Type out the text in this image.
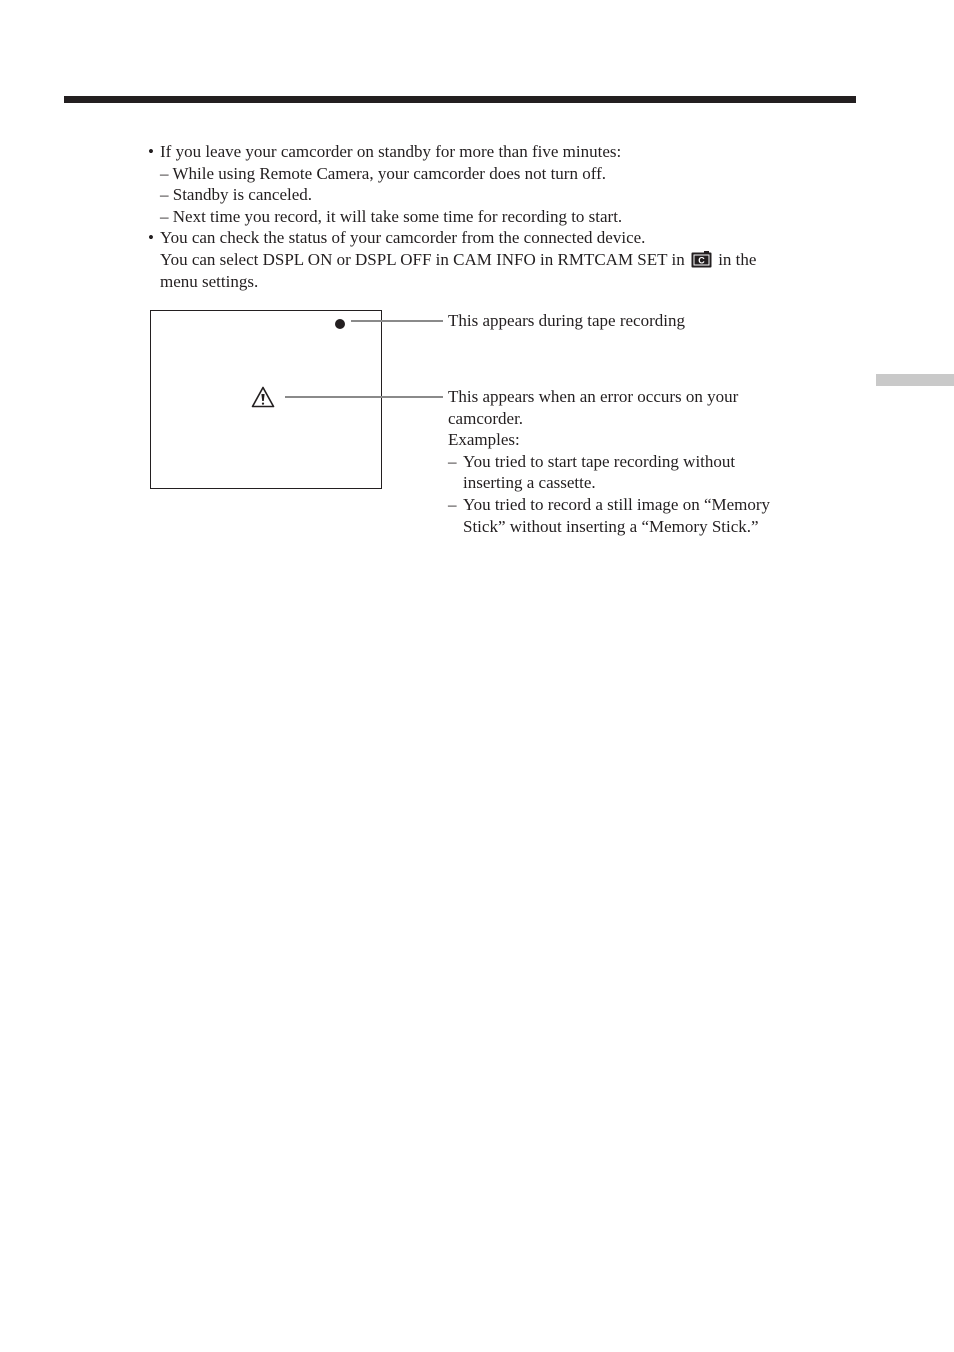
• If you leave your camcorder on standby for more than five minutes:
– While using Remote Camera, your camcorder does not turn off.
– Standby is canceled.
– Next time you record, it will take some time for recording to start.
• You can check the status of your camcorder from the connected device.
You can select DSPL ON or DSPL OFF in CAM INFO in RMTCAM SET in C in the
menu settings.
This appears during tape recording
This appears when an error occurs on your
camcorder.
Examples:
– You tried to start tape recording without
inserting a cassette.
– You tried to record a still image on “Memory
Stick” without inserting a “Memory Stick.”
